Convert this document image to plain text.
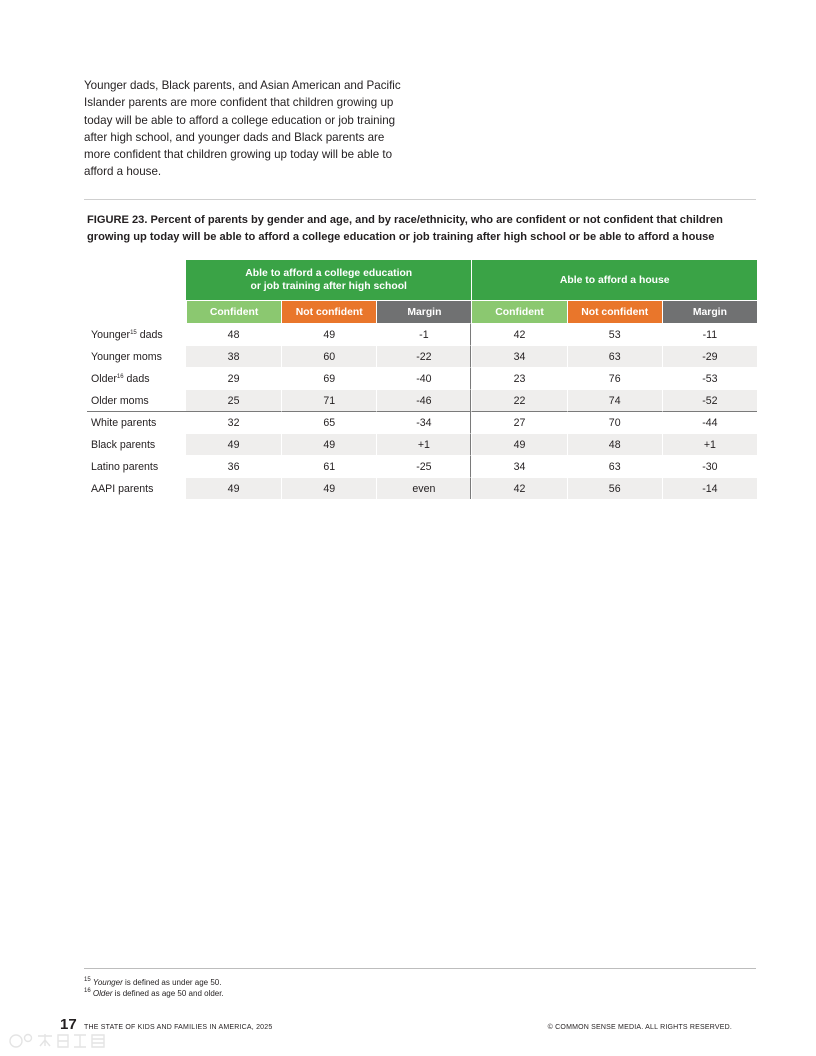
Younger dads, Black parents, and Asian American and Pacific Islander parents are more confident that children growing up today will be able to afford a college education or job training after high school, and younger dads and Black parents are more confident that children growing up today will be able to afford a house.

FIGURE 23. Percent of parents by gender and age, and by race/ethnicity, who are confident or not confident that children growing up today will be able to afford a college education or job training after high school or be able to afford a house

	Able to afford a college education or job training after high school			Able to afford a house		
	Confident	Not confident	Margin	Confident	Not confident	Margin
Younger$^{15}$ dads	48	49	-1	42	53	-11
Younger moms	38	60	-22	34	63	-29
Older$^{16}$ dads	29	69	-40	23	76	-53
Older moms	25	71	-46	22	74	-52
White parents	32	65	-34	27	70	-44
Black parents	49	49	+1	49	48	+1
Latino parents	36	61	-25	34	63	-30
AAPI parents	49	49	even	42	56	-14
$^{15}$ Younger is defined as under age 50.
$^{16}$ Older is defined as age 50 and older.
17 THE STATE OF KIDS AND FAMILIES IN AMERICA, 2025	© COMMON SENSE MEDIA. ALL RIGHTS RESERVED.
